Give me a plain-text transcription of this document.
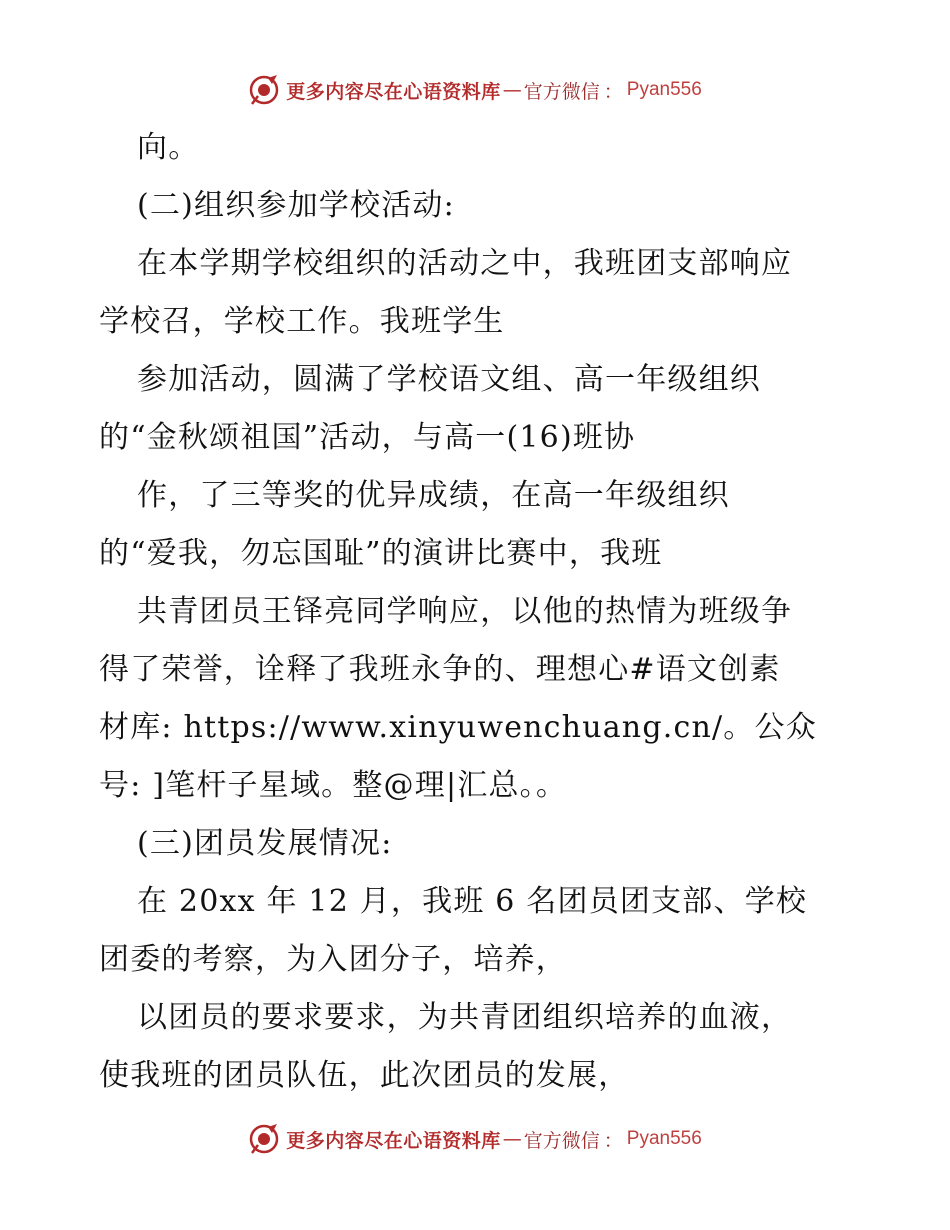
更多内容尽在心语资料库 — 官方微信 ： Pyan556
向。
(二)组织参加学校活动:
在本学期学校组织的活动之中，我班团支部响应
学校召，学校工作。我班学生
参加活动，圆满了学校语文组、高一年级组织
的“金秋颂祖国”活动，与高一(16)班协
作，了三等奖的优异成绩，在高一年级组织
的“爱我，勿忘国耻”的演讲比赛中，我班
共青团员王铎亮同学响应，以他的热情为班级争
得了荣誉，诠释了我班永争的、理想心#语文创素
材库: https://www.xinyuwenchuang.cn/。公众
号: ]笔杆子星域。整@理|汇总。。
(三)团员发展情况:
在 20xx 年 12 月，我班 6 名团员团支部、学校
团委的考察，为入团分子，培养，
以团员的要求要求，为共青团组织培养的血液，
使我班的团员队伍，此次团员的发展，
更多内容尽在心语资料库 — 官方微信 ： Pyan556
